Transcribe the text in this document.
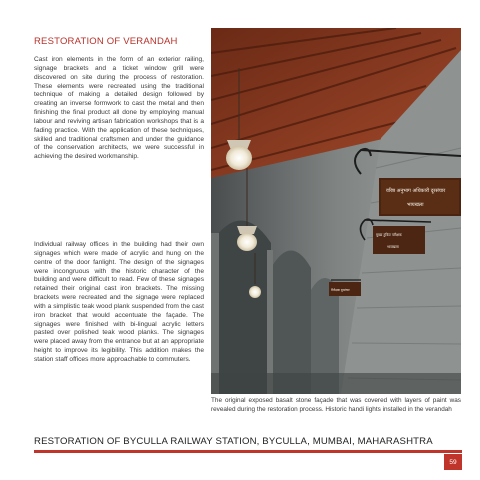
RESTORATION OF VERANDAH

Cast iron elements in the form of an exterior railing, signage brackets and a ticket window grill were discovered on site during the process of restoration. These elements were recreated using the traditional technique of making a detailed design followed by creating an inverse formwork to cast the metal and then finishing the final product all done by employing manual labour and reviving artisan fabrication workshops that is a fading practice. With the application of these techniques, skilled and traditional craftsmen and under the guidance of the conservation architects, we were successful in achieving the desired workmanship.

Individual railway offices in the building had their own signages which were made of acrylic and hung on the centre of the door fanlight. The design of the signages were incongruous with the historic character of the building and were difficult to read. Few of these signages retained their original cast iron brackets. The missing brackets were recreated and the signage were replaced with a simplistic teak wood plank suspended from the cast iron bracket that would accentuate the façade. The signages were finished with bi-lingual acrylic letters pasted over polished teak wood planks. The signages were placed away from the entrance but at an appropriate height to improve its legibility. This addition makes the station staff offices more approachable to commuters.

वरिष्ठ अनुभाग अधिकारी दूरसंचार
भायखला
मुख्य टुकिट परीक्षक
भायखला
निरीक्षक दूरसंचार

The original exposed basalt stone façade that was covered with layers of paint was revealed during the restoration process. Historic handi lights installed in the verandah

RESTORATION OF BYCULLA RAILWAY STATION, BYCULLA, MUMBAI, MAHARASHTRA
59
